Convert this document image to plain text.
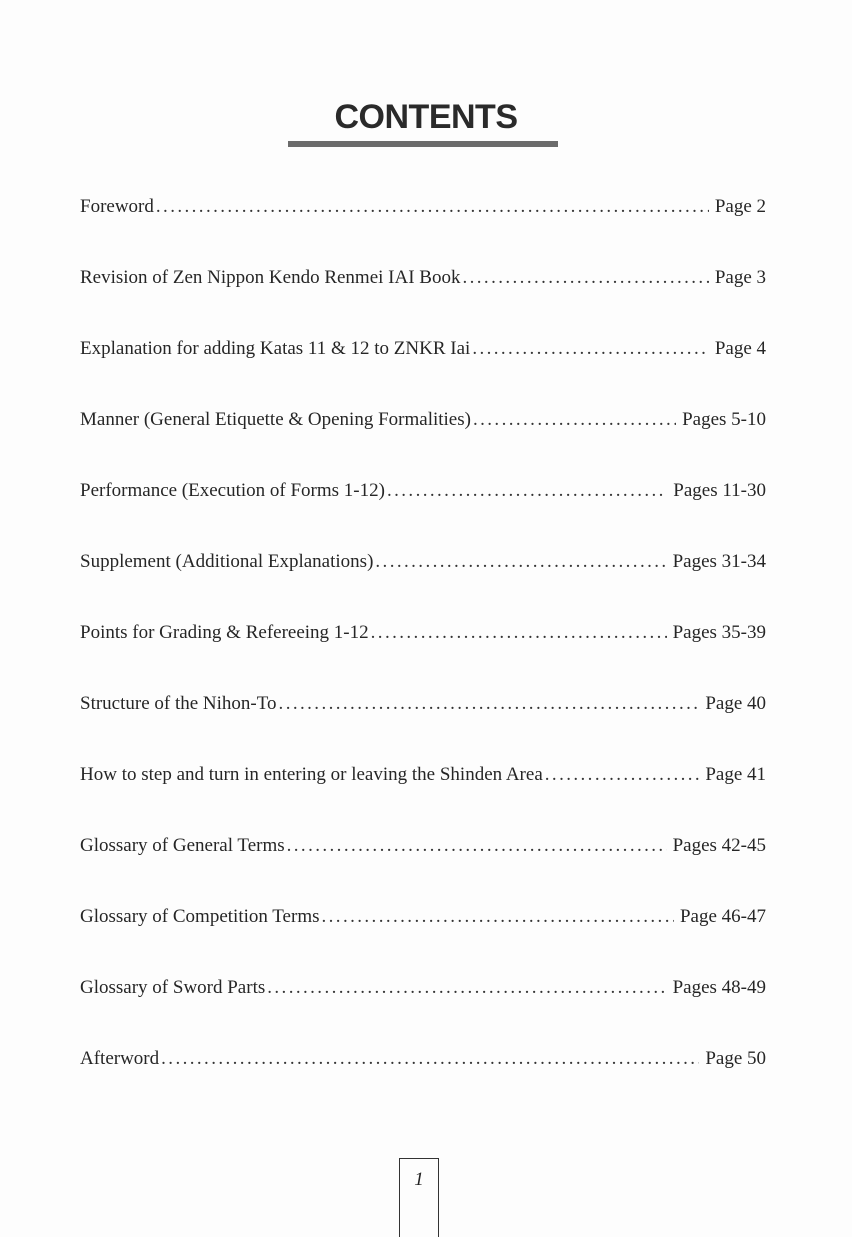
CONTENTS
Foreword .....	Page 2
Revision of Zen Nippon Kendo Renmei IAI Book .....	Page 3
Explanation for adding Katas 11 & 12 to ZNKR Iai .....	Page 4
Manner (General Etiquette & Opening Formalities) .....	Pages 5-10
Performance (Execution of Forms 1-12) .....	Pages 11-30
Supplement (Additional Explanations) .....	Pages 31-34
Points for Grading & Refereeing 1-12 .....	Pages 35-39
Structure of the Nihon-To .....	Page 40
How to step and turn in entering or leaving the Shinden Area .....	Page 41
Glossary of General Terms .....	Pages 42-45
Glossary of Competition Terms .....	Page 46-47
Glossary of Sword Parts .....	Pages 48-49
Afterword .....	Page 50
1
